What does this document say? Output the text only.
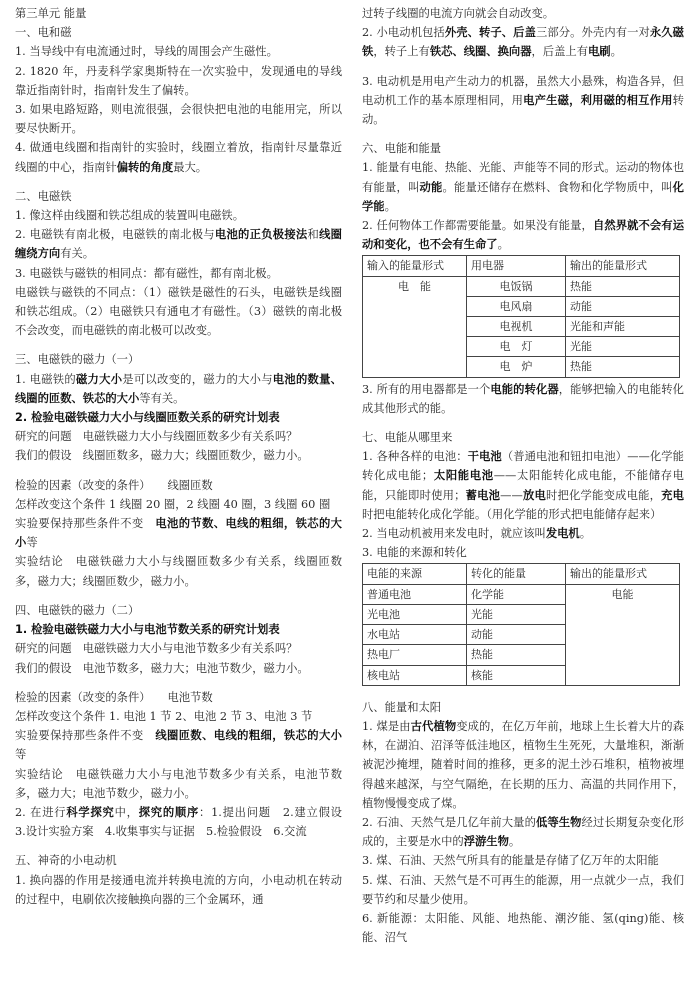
第三单元 能量

一、电和磁

1. 当导线中有电流通过时，导线的周围会产生磁性。

2. 1820 年，丹麦科学家奥斯特在一次实验中，发现通电的导线靠近指南针时，指南针发生了偏转。

3. 如果电路短路，则电流很强，会很快把电池的电能用完，所以要尽快断开。

4. 做通电线圈和指南针的实验时，线圈立着放，指南针尽量靠近线圈的中心，指南针偏转的角度最大。

二、电磁铁

1. 像这样由线圈和铁芯组成的装置叫电磁铁。

2. 电磁铁有南北极，电磁铁的南北极与电池的正负极接法和线圈缠绕方向有关。

3. 电磁铁与磁铁的相同点：都有磁性，都有南北极。

电磁铁与磁铁的不同点：（1）磁铁是磁性的石头，电磁铁是线圈和铁芯组成。（2）电磁铁只有通电才有磁性。（3）磁铁的南北极不会改变，而电磁铁的南北极可以改变。

三、电磁铁的磁力（一）

1. 电磁铁的磁力大小是可以改变的，磁力的大小与电池的数量、线圈的匝数、铁芯的大小等有关。

2. 检验电磁铁磁力大小与线圈匝数关系的研究计划表

研究的问题　电磁铁磁力大小与线圈匝数多少有关系吗？

我们的假设　线圈匝数多，磁力大；线圈匝数少，磁力小。

检验的因素（改变的条件）　　线圈匝数

怎样改变这个条件 1 线圈 20 圈，2 线圈 40 圈，3 线圈 60 圈

实验要保持那些条件不变　电池的节数、电线的粗细，铁芯的大小等

实验结论　电磁铁磁力大小与线圈匝数多少有关系，线圈匝数多，磁力大；线圈匝数少，磁力小。

四、电磁铁的磁力（二）

1. 检验电磁铁磁力大小与电池节数关系的研究计划表

研究的问题　电磁铁磁力大小与电池节数多少有关系吗？

我们的假设　电池节数多，磁力大；电池节数少，磁力小。

检验的因素（改变的条件）　　电池节数

怎样改变这个条件 1. 电池 1 节 2、电池 2 节 3、电池 3 节

实验要保持那些条件不变　线圈匝数、电线的粗细，铁芯的大小等

实验结论　电磁铁磁力大小与电池节数多少有关系，电池节数多，磁力大；电池节数少，磁力小。

2. 在进行科学探究中，探究的顺序：1.提出问题　2.建立假设　3.设计实验方案　4.收集事实与证据　5.检验假设　6.交流

五、神奇的小电动机

1. 换向器的作用是接通电流并转换电流的方向，小电动机在转动的过程中，电刷依次接触换向器的三个金属环，通

过转子线圈的电流方向就会自动改变。

2. 小电动机包括外壳、转子、后盖三部分。外壳内有一对永久磁铁，转子上有铁芯、线圈、换向器，后盖上有电刷。

3. 电动机是用电产生动力的机器，虽然大小悬殊，构造各异，但电动机工作的基本原理相同，用电产生磁，利用磁的相互作用转动。

六、电能和能量

1. 能量有电能、热能、光能、声能等不同的形式。运动的物体也有能量，叫动能。能量还储存在燃料、食物和化学物质中，叫化学能。

2. 任何物体工作都需要能量。如果没有能量，自然界就不会有运动和变化，也不会有生命了。

输入的能量形式	用电器	输出的能量形式
电　能	电饭锅	热能
	电风扇	动能
	电视机	光能和声能
	电　灯	光能
	电　炉	热能

3. 所有的用电器都是一个电能的转化器，能够把输入的电能转化成其他形式的能。

七、电能从哪里来

1. 各种各样的电池：干电池（普通电池和钮扣电池）——化学能转化成电能；太阳能电池——太阳能转化成电能，不能储存电能，只能即时使用；蓄电池——放电时把化学能变成电能，充电时把电能转化成化学能。（用化学能的形式把电能储存起来）

2. 当电动机被用来发电时，就应该叫发电机。

3. 电能的来源和转化

电能的来源	转化的能量	输出的能量形式
普通电池	化学能	电能
光电池	光能	
水电站	动能	
热电厂	热能	
核电站	核能	

八、能量和太阳

1. 煤是由古代植物变成的，在亿万年前，地球上生长着大片的森林，在湖泊、沼泽等低洼地区，植物生生死死，大量堆积，渐渐被泥沙掩埋，随着时间的推移，更多的泥土沙石堆积，植物被埋得越来越深，与空气隔绝，在长期的压力、高温的共同作用下，植物慢慢变成了煤。

2. 石油、天然气是几亿年前大量的低等生物经过长期复杂变化形成的，主要是水中的浮游生物。

3. 煤、石油、天然气所具有的能量是存储了亿万年的太阳能

5. 煤、石油、天然气是不可再生的能源，用一点就少一点，我们要节约和尽量少使用。

6. 新能源：太阳能、风能、地热能、潮汐能、氢(qing)能、核能、沼气
